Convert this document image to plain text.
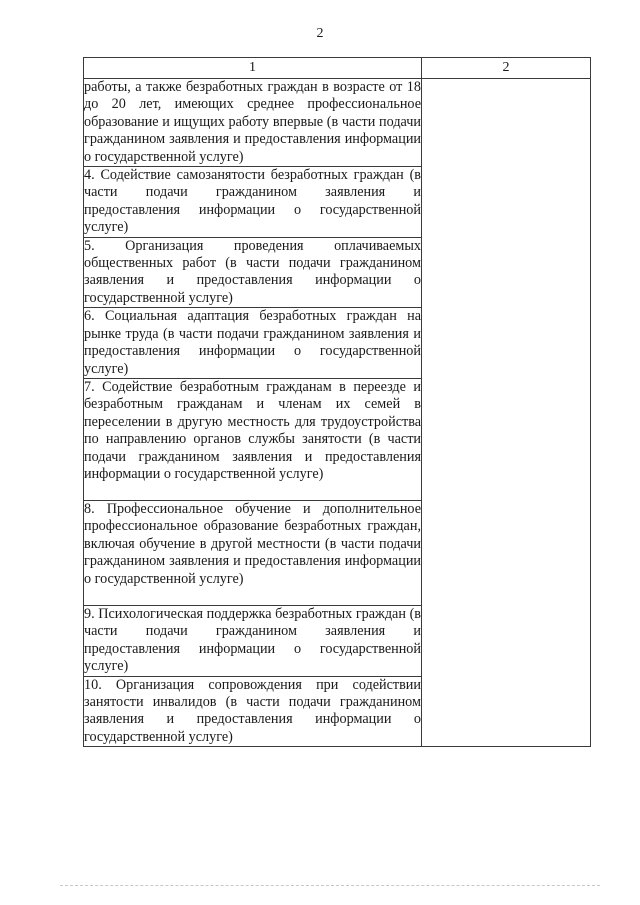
2
1	2
работы, а также безработных граждан в возрасте от 18 до 20 лет, имеющих среднее профессиональное образование и ищущих работу впервые (в части подачи гражданином заявления и предоставления информации о государственной услуге)	
4. Содействие самозанятости безработных граждан (в части подачи гражданином заявления и предоставления информации о государственной услуге)	
5. Организация проведения оплачиваемых общественных работ (в части подачи гражданином заявления и предоставления информации о государственной услуге)	
6. Социальная адаптация безработных граждан на рынке труда (в части подачи гражданином заявления и предоставления информации о государственной услуге)	
7. Содействие безработным гражданам в переезде и безработным гражданам и членам их семей в переселении в другую местность для трудоустройства по направлению органов службы занятости (в части подачи гражданином заявления и предоставления информации о государственной услуге)	
8. Профессиональное обучение и дополнительное профессиональное образование безработных граждан, включая обучение в другой местности (в части подачи гражданином заявления и предоставления информации о государственной услуге)	
9. Психологическая поддержка безработных граждан (в части подачи гражданином заявления и предоставления информации о государственной услуге)	
10. Организация сопровождения при содействии занятости инвалидов (в части подачи гражданином заявления и предоставления информации о государственной услуге)	
